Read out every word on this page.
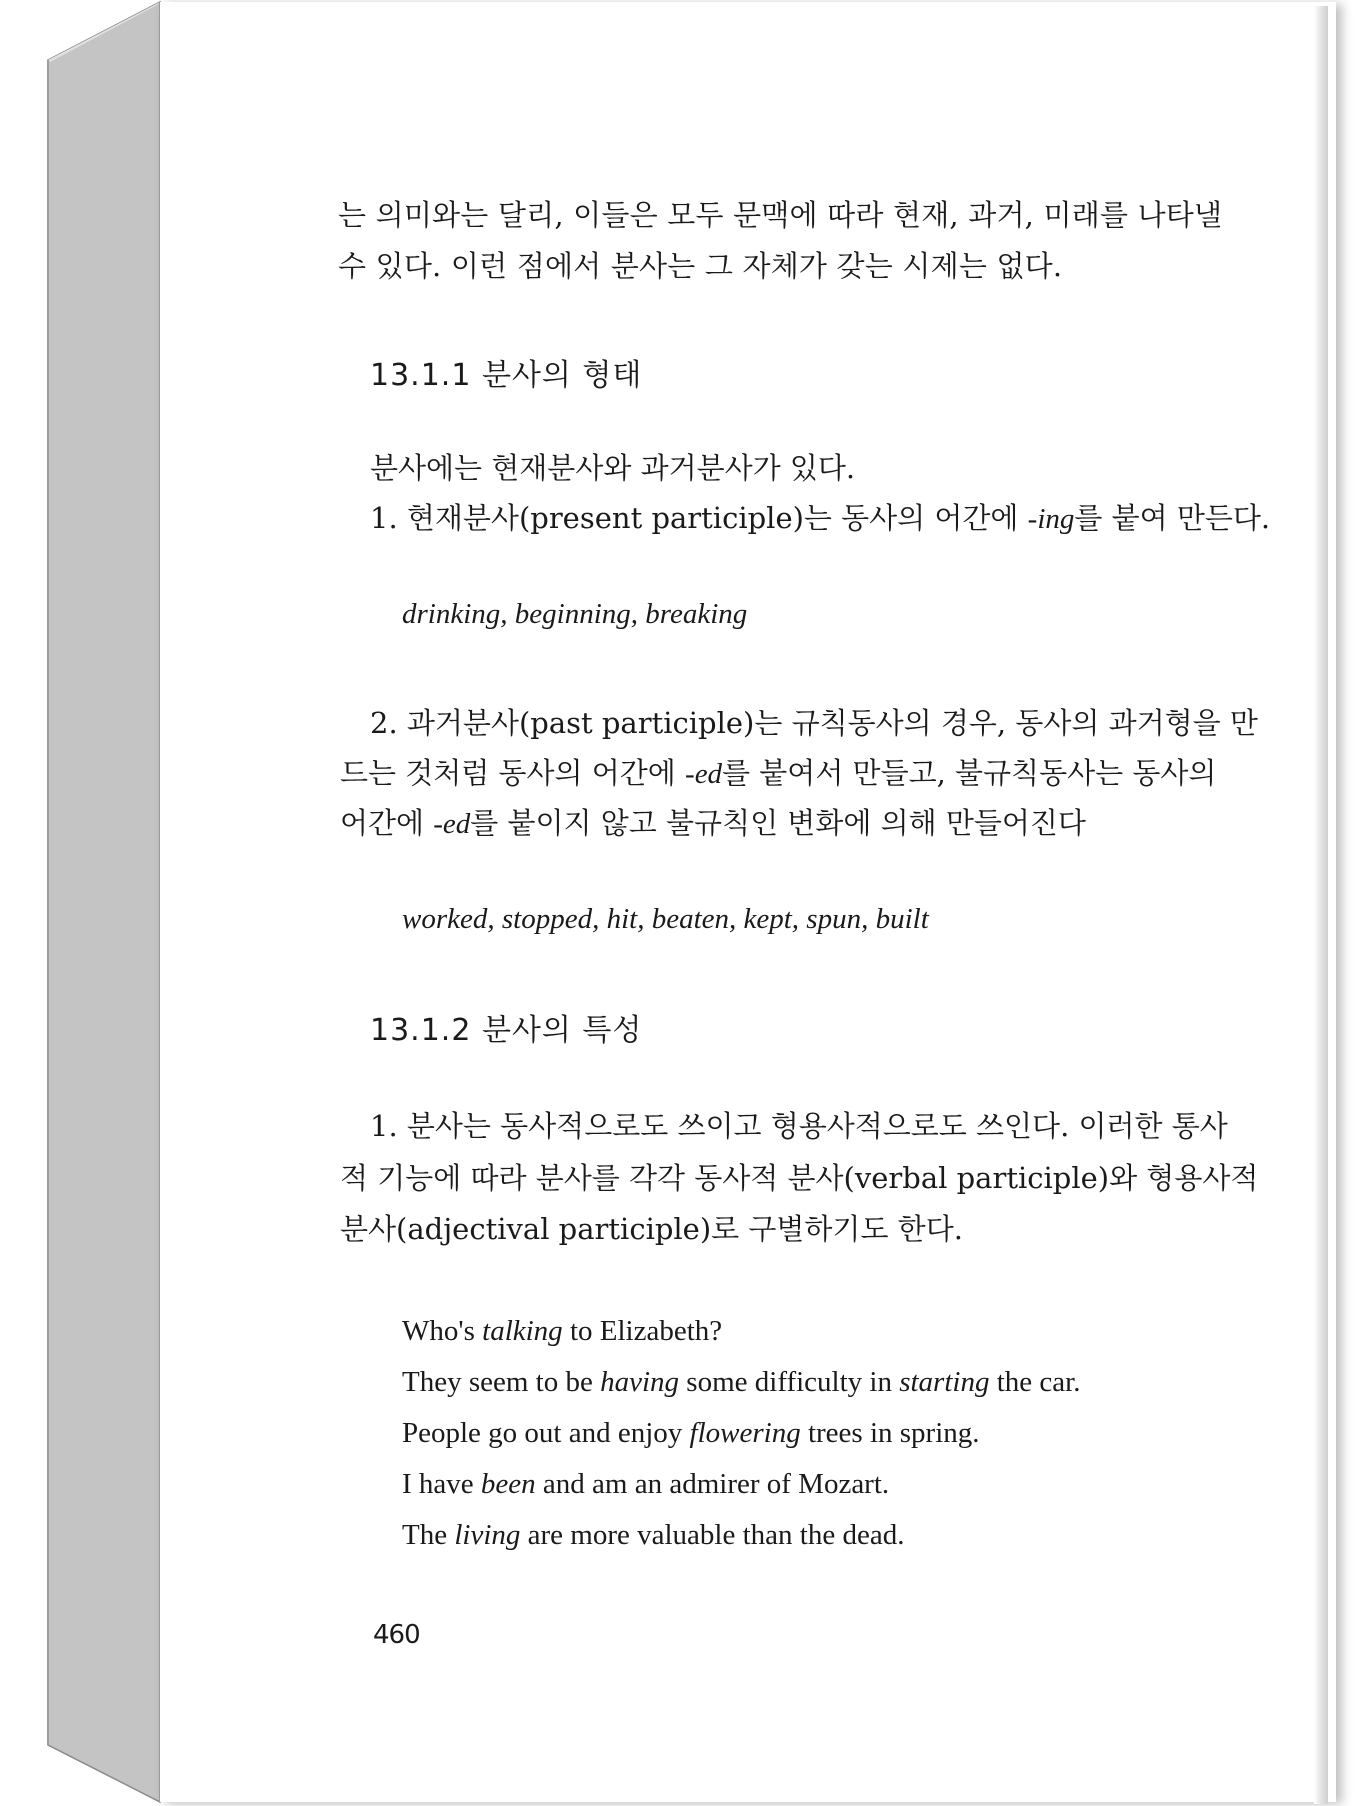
는 의미와는 달리, 이들은 모두 문맥에 따라 현재, 과거, 미래를 나타낼
수 있다. 이런 점에서 분사는 그 자체가 갖는 시제는 없다.
13.1.1 분사의 형태
분사에는 현재분사와 과거분사가 있다.
1. 현재분사(present participle)는 동사의 어간에 -ing를 붙여 만든다.
drinking, beginning, breaking
2. 과거분사(past participle)는 규칙동사의 경우, 동사의 과거형을 만
드는 것처럼 동사의 어간에 -ed를 붙여서 만들고, 불규칙동사는 동사의
어간에 -ed를 붙이지 않고 불규칙인 변화에 의해 만들어진다
worked, stopped, hit, beaten, kept, spun, built
13.1.2 분사의 특성
1. 분사는 동사적으로도 쓰이고 형용사적으로도 쓰인다. 이러한 통사
적 기능에 따라 분사를 각각 동사적 분사(verbal participle)와 형용사적
분사(adjectival participle)로 구별하기도 한다.
Who's talking to Elizabeth?
They seem to be having some difficulty in starting the car.
People go out and enjoy flowering trees in spring.
I have been and am an admirer of Mozart.
The living are more valuable than the dead.
460
